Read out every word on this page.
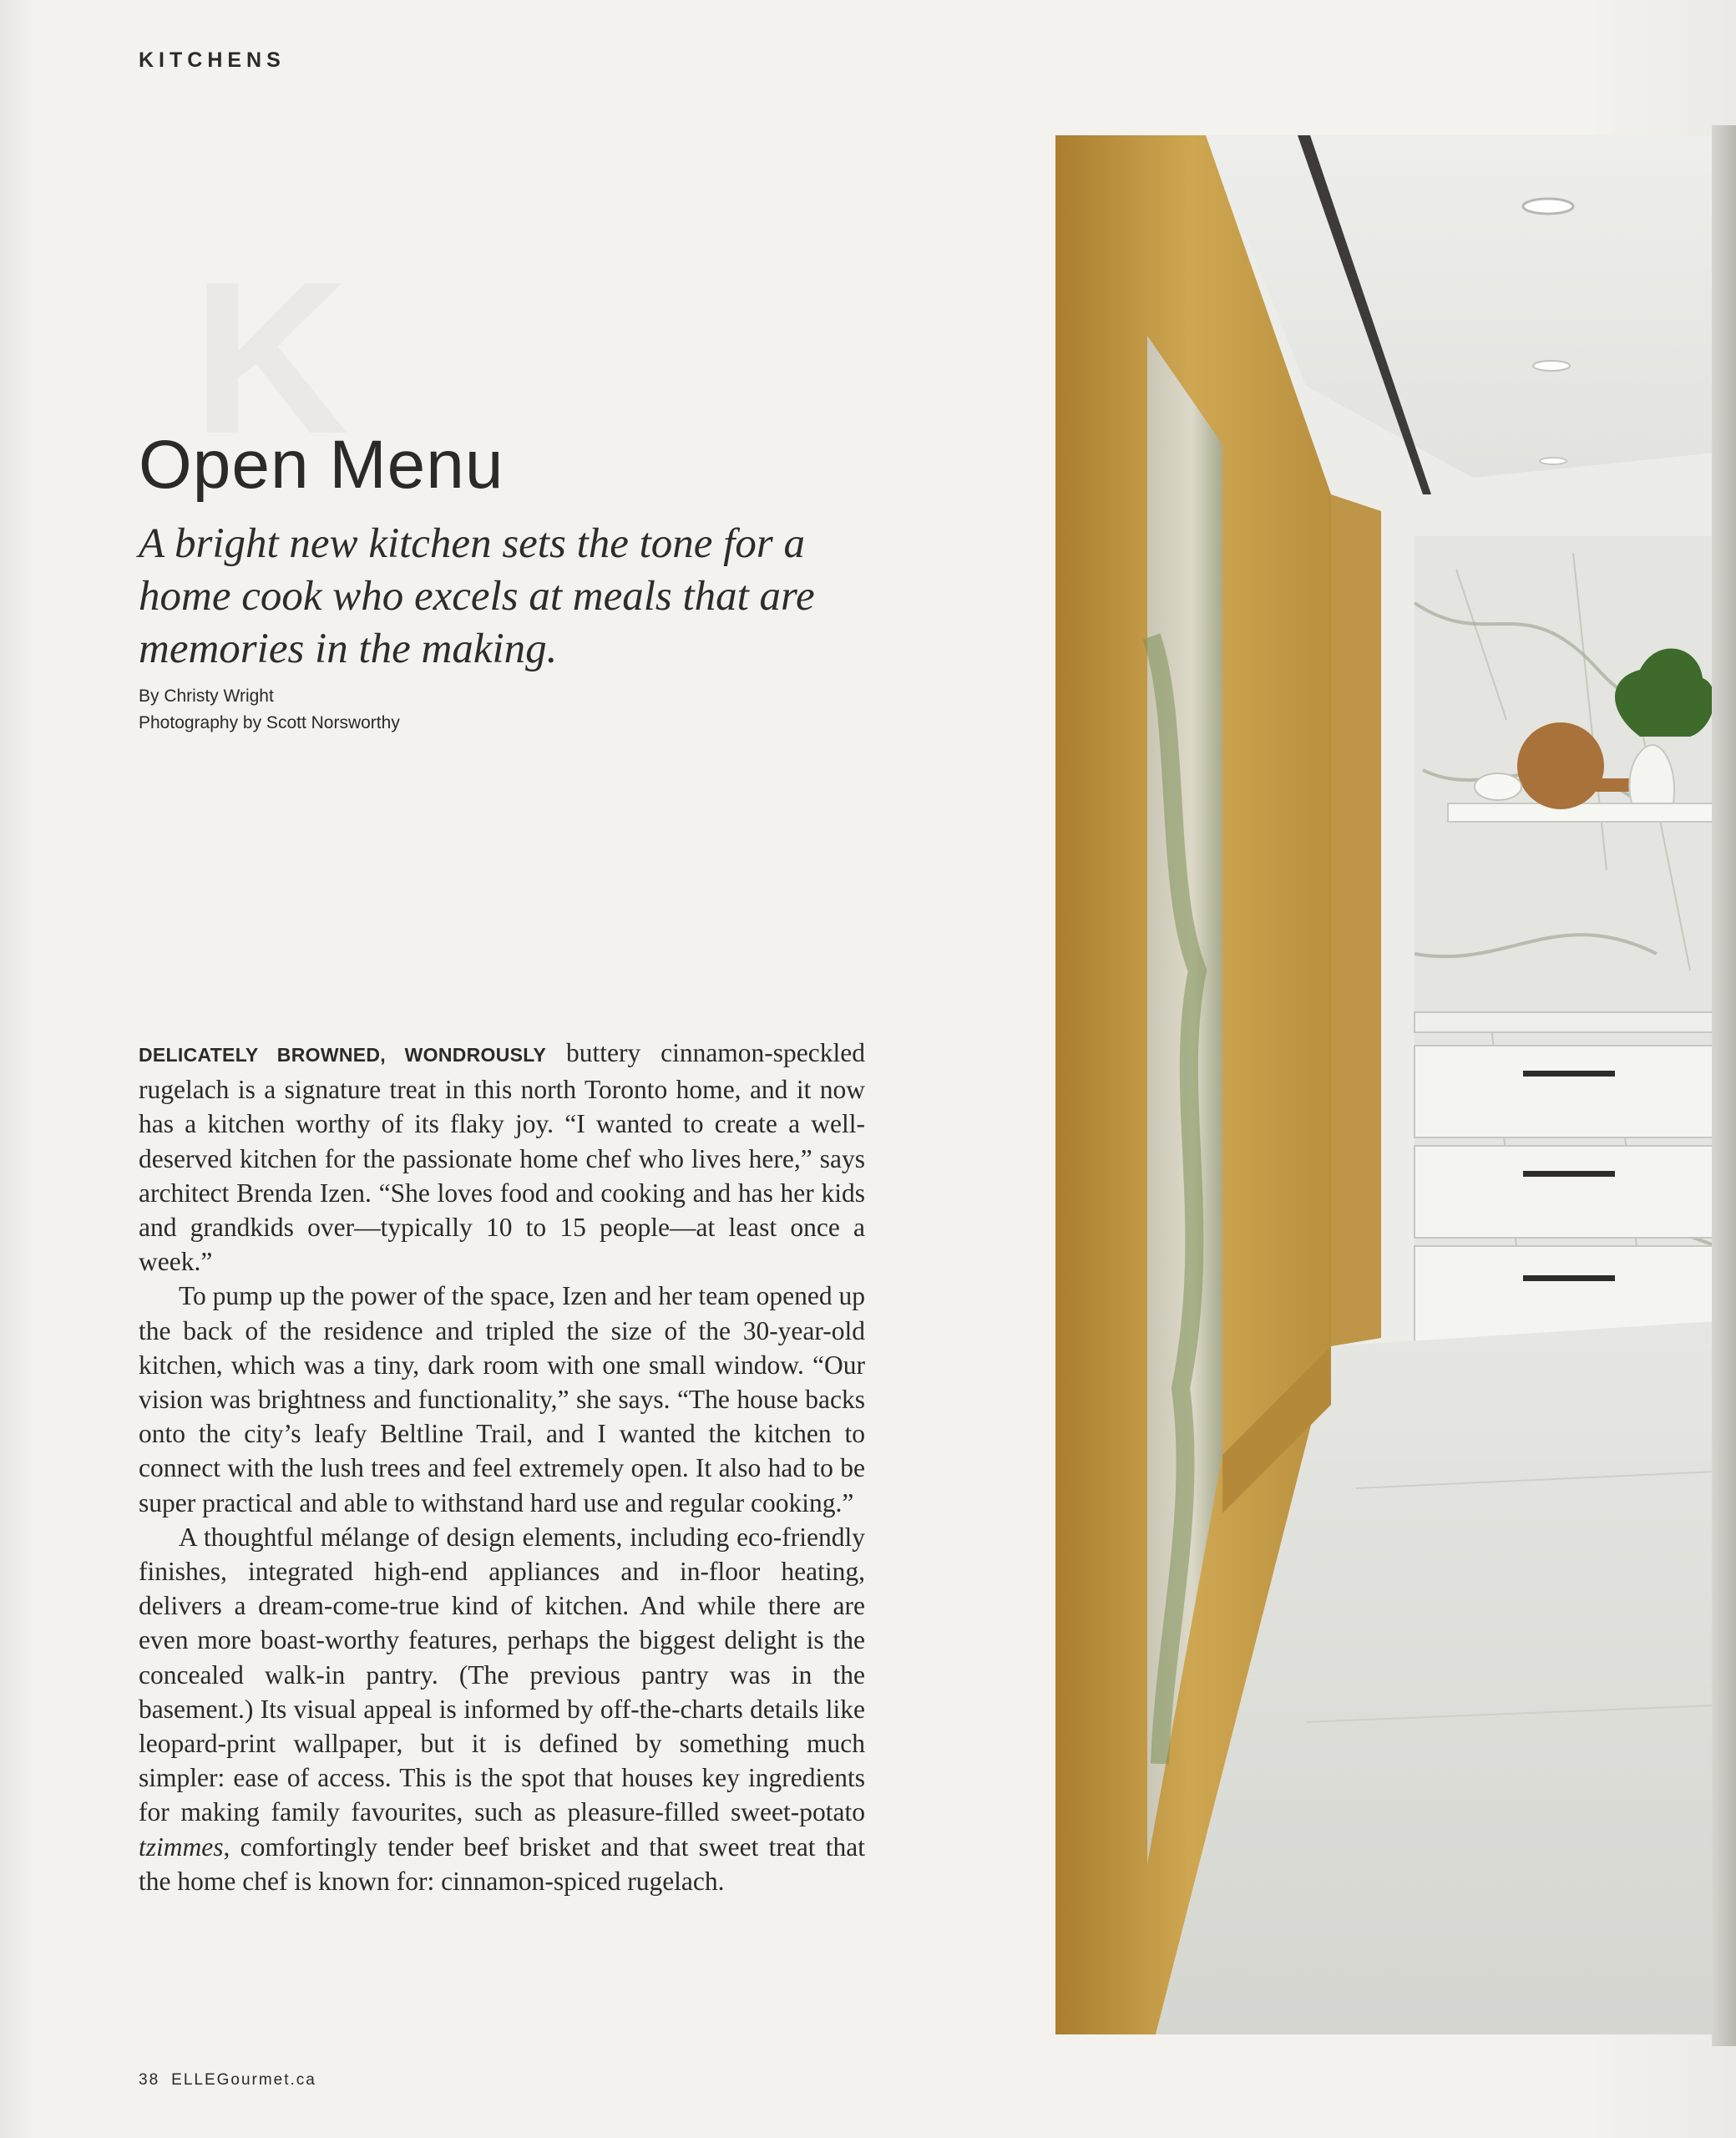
KITCHENS
Open Menu
A bright new kitchen sets the tone for a home cook who excels at meals that are memories in the making.
By Christy Wright
Photography by Scott Norsworthy

DELICATELY BROWNED, WONDROUSLY buttery cinnamon-speckled rugelach is a signature treat in this north Toronto home, and it now has a kitchen worthy of its flaky joy. “I wanted to create a well-deserved kitchen for the passionate home chef who lives here,” says architect Brenda Izen. “She loves food and cooking and has her kids and grandkids over—typically 10 to 15 people—at least once a week.”

To pump up the power of the space, Izen and her team opened up the back of the residence and tripled the size of the 30-year-old kitchen, which was a tiny, dark room with one small window. “Our vision was brightness and functionality,” she says. “The house backs onto the city’s leafy Beltline Trail, and I wanted the kitchen to connect with the lush trees and feel extremely open. It also had to be super practical and able to withstand hard use and regular cooking.”

A thoughtful mélange of design elements, including eco-friendly finishes, integrated high-end appliances and in-floor heating, delivers a dream-come-true kind of kitchen. And while there are even more boast-worthy features, perhaps the biggest delight is the concealed walk-in pantry. (The previous pantry was in the basement.) Its visual appeal is informed by off-the-charts details like leopard-print wallpaper, but it is defined by something much simpler: ease of access. This is the spot that houses key ingredients for making family favourites, such as pleasure-filled sweet-potato tzimmes, comfortingly tender beef brisket and that sweet treat that the home chef is known for: cinnamon-spiced rugelach.

38 ELLEGourmet.ca
